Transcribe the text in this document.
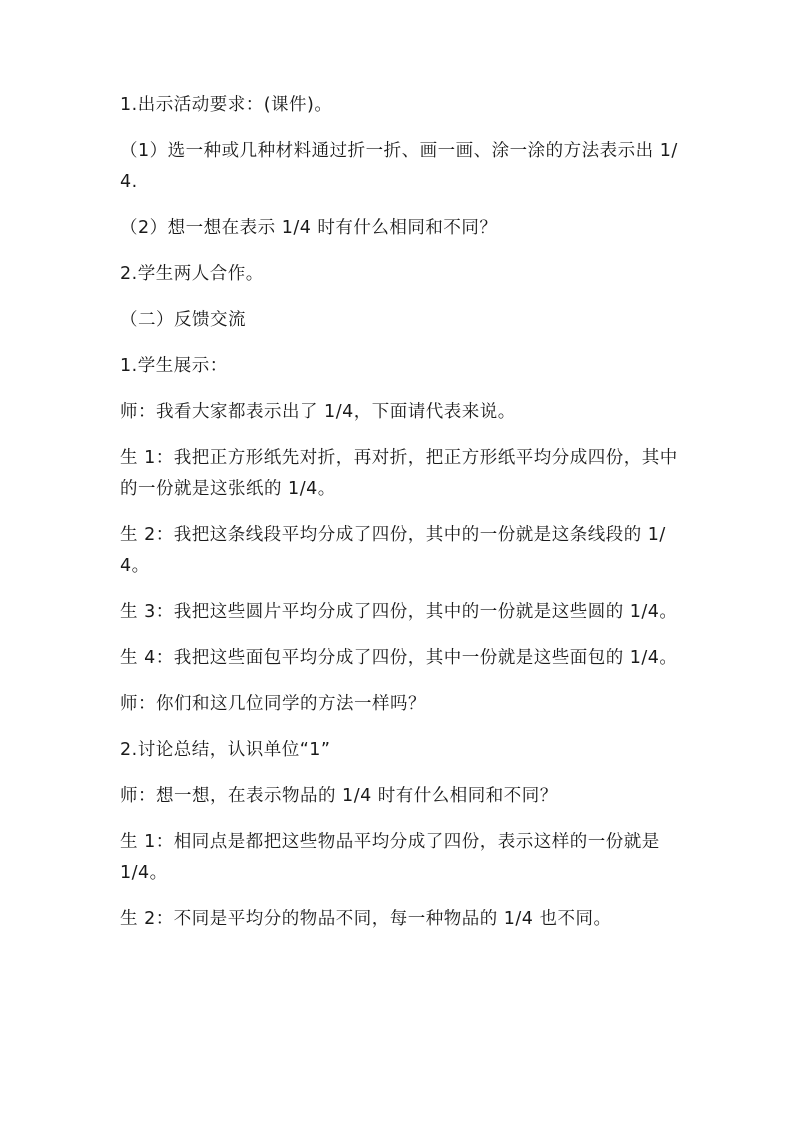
1.出示活动要求：(课件)。

（1）选一种或几种材料通过折一折、画一画、涂一涂的方法表示出 1/4.

（2）想一想在表示 1/4 时有什么相同和不同？

2.学生两人合作。

（二）反馈交流

1.学生展示：

师：我看大家都表示出了 1/4，下面请代表来说。

生 1：我把正方形纸先对折，再对折，把正方形纸平均分成四份，其中的一份就是这张纸的 1/4。

生 2：我把这条线段平均分成了四份，其中的一份就是这条线段的 1/4。

生 3：我把这些圆片平均分成了四份，其中的一份就是这些圆的 1/4。

生 4：我把这些面包平均分成了四份，其中一份就是这些面包的 1/4。

师：你们和这几位同学的方法一样吗？

2.讨论总结，认识单位“1”

师：想一想，在表示物品的 1/4 时有什么相同和不同？

生 1：相同点是都把这些物品平均分成了四份，表示这样的一份就是 1/4。

生 2：不同是平均分的物品不同，每一种物品的 1/4 也不同。
